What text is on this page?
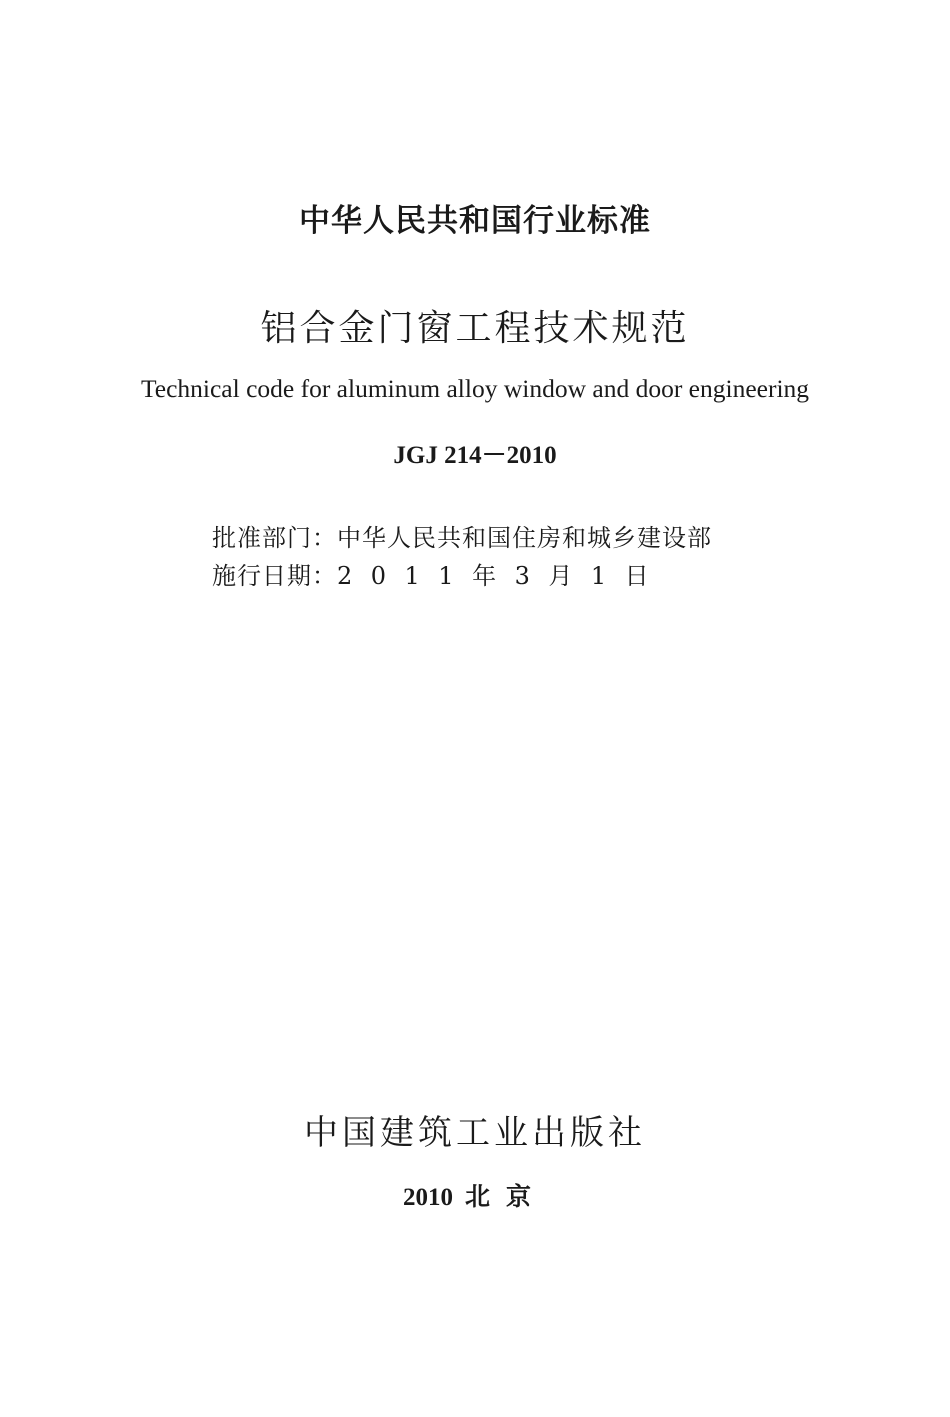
中华人民共和国行业标准
铝合金门窗工程技术规范
Technical code for aluminum alloy window and door engineering
JGJ 214－2010
批准部门：中华人民共和国住房和城乡建设部
施行日期：2011年3月1日
中国建筑工业出版社
2010 北京
